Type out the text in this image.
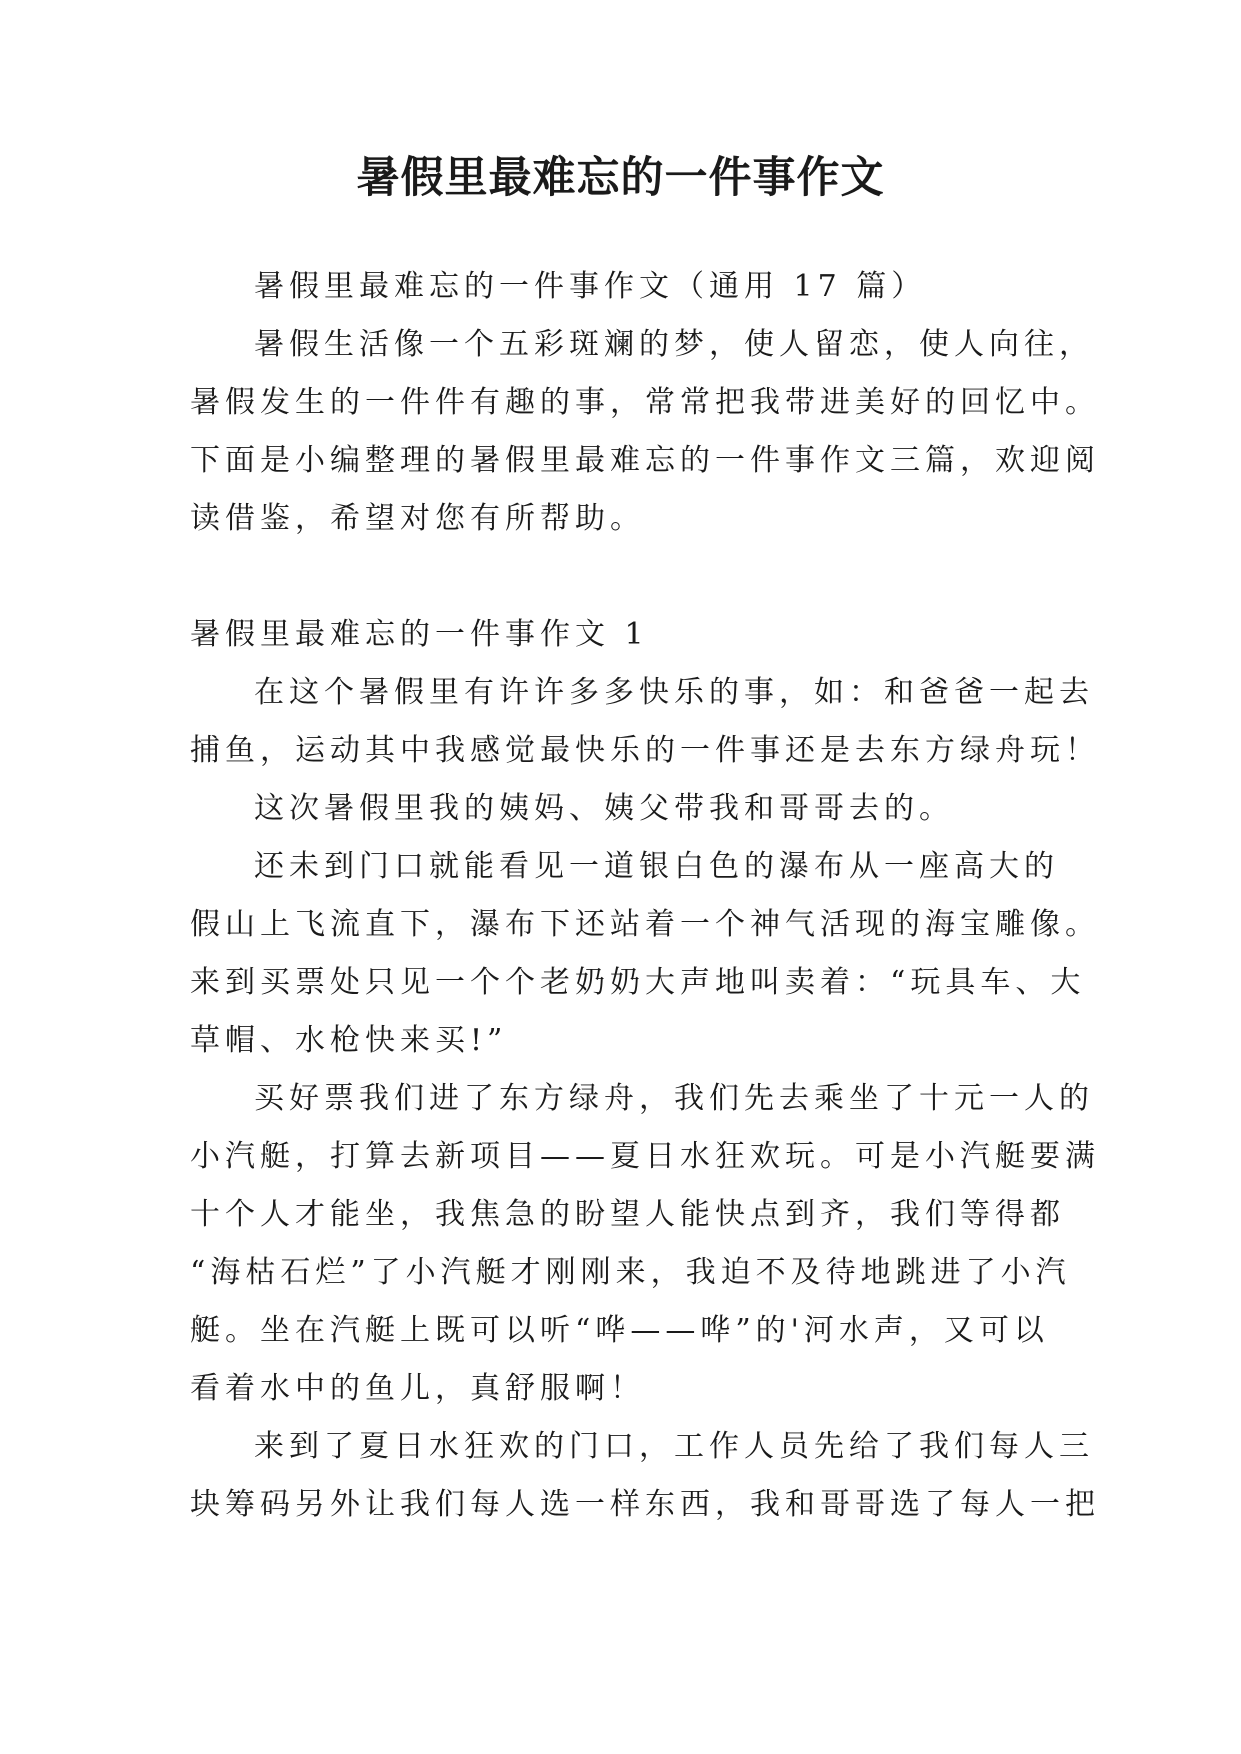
暑假里最难忘的一件事作文
暑假里最难忘的一件事作文（通用 17 篇）
暑假生活像一个五彩斑斓的梦，使人留恋，使人向往，
暑假发生的一件件有趣的事，常常把我带进美好的回忆中。
下面是小编整理的暑假里最难忘的一件事作文三篇，欢迎阅
读借鉴，希望对您有所帮助。
暑假里最难忘的一件事作文 1
在这个暑假里有许许多多快乐的事，如：和爸爸一起去
捕鱼，运动其中我感觉最快乐的一件事还是去东方绿舟玩！
这次暑假里我的姨妈、姨父带我和哥哥去的。
还未到门口就能看见一道银白色的瀑布从一座高大的
假山上飞流直下，瀑布下还站着一个神气活现的海宝雕像。
来到买票处只见一个个老奶奶大声地叫卖着：“玩具车、大
草帽、水枪快来买!”
买好票我们进了东方绿舟，我们先去乘坐了十元一人的
小汽艇，打算去新项目——夏日水狂欢玩。可是小汽艇要满
十个人才能坐，我焦急的盼望人能快点到齐，我们等得都
“海枯石烂”了小汽艇才刚刚来，我迫不及待地跳进了小汽
艇。坐在汽艇上既可以听“哗——哗”的'河水声，又可以
看着水中的鱼儿，真舒服啊！
来到了夏日水狂欢的门口，工作人员先给了我们每人三
块筹码另外让我们每人选一样东西，我和哥哥选了每人一把
